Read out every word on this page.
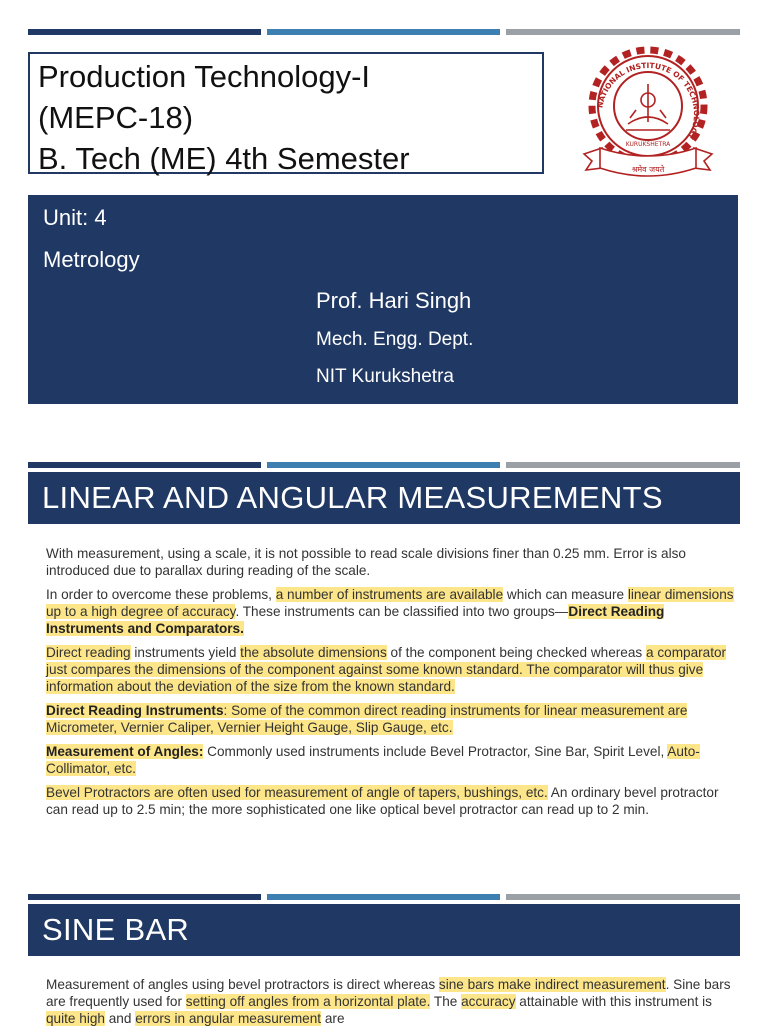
Production Technology-I
(MEPC-18)
B. Tech (ME) 4th Semester
NATIONAL INSTITUTE OF TECHNOLOGY
KURUKSHETRA
श्रमेव जयते
Unit: 4
Metrology
Prof. Hari Singh
Mech. Engg. Dept.
NIT Kurukshetra
LINEAR AND ANGULAR MEASUREMENTS
With measurement, using a scale, it is not possible to read scale divisions finer than 0.25 mm. Error is also introduced due to parallax during reading of the scale.
In order to overcome these problems, a number of instruments are available which can measure linear dimensions up to a high degree of accuracy. These instruments can be classified into two groups—Direct Reading Instruments and Comparators.
Direct reading instruments yield the absolute dimensions of the component being checked whereas a comparator just compares the dimensions of the component against some known standard. The comparator will thus give information about the deviation of the size from the known standard.
Direct Reading Instruments: Some of the common direct reading instruments for linear measurement are Micrometer, Vernier Caliper, Vernier Height Gauge, Slip Gauge, etc.
Measurement of Angles: Commonly used instruments include Bevel Protractor, Sine Bar, Spirit Level, Auto-Collimator, etc.
Bevel Protractors are often used for measurement of angle of tapers, bushings, etc. An ordinary bevel protractor can read up to 2.5 min; the more sophisticated one like optical bevel protractor can read up to 2 min.
SINE BAR
Measurement of angles using bevel protractors is direct whereas sine bars make indirect measurement. Sine bars are frequently used for setting off angles from a horizontal plate. The accuracy attainable with this instrument is quite high and errors in angular measurement are
